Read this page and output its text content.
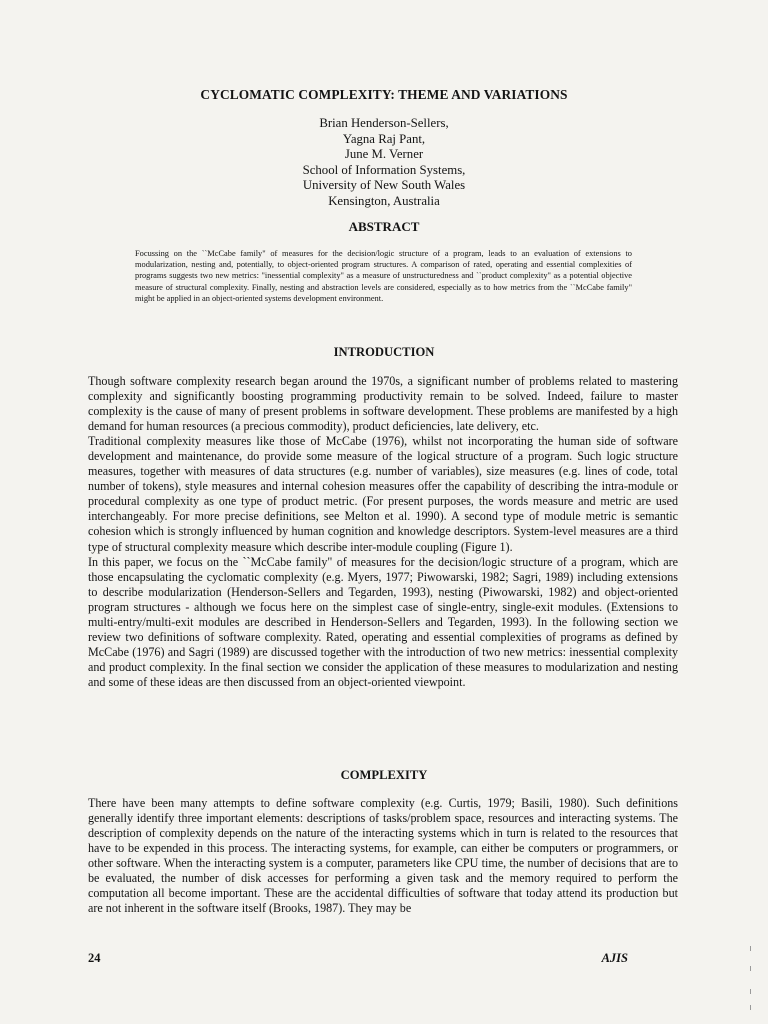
CYCLOMATIC COMPLEXITY: THEME AND VARIATIONS
Brian Henderson-Sellers,
Yagna Raj Pant,
June M. Verner
School of Information Systems,
University of New South Wales
Kensington, Australia
ABSTRACT
Focussing on the ``McCabe family" of measures for the decision/logic structure of a program, leads to an evaluation of extensions to modularization, nesting and, potentially, to object-oriented program structures. A comparison of rated, operating and essential complexities of programs suggests two new metrics: "inessential complexity" as a measure of unstructuredness and ``product complexity" as a potential objective measure of structural complexity. Finally, nesting and abstraction levels are considered, especially as to how metrics from the ``McCabe family" might be applied in an object-oriented systems development environment.
INTRODUCTION

Though software complexity research began around the 1970s, a significant number of problems related to mastering complexity and significantly boosting programming productivity remain to be solved. Indeed, failure to master complexity is the cause of many of present problems in software development. These problems are manifested by a high demand for human resources (a precious commodity), product deficiencies, late delivery, etc.

Traditional complexity measures like those of McCabe (1976), whilst not incorporating the human side of software development and maintenance, do provide some measure of the logical structure of a program. Such logic structure measures, together with measures of data structures (e.g. number of variables), size measures (e.g. lines of code, total number of tokens), style measures and internal cohesion measures offer the capability of describing the intra-module or procedural complexity as one type of product metric. (For present purposes, the words measure and metric are used interchangeably. For more precise definitions, see Melton et al. 1990). A second type of module metric is semantic cohesion which is strongly influenced by human cognition and knowledge descriptors. System-level measures are a third type of structural complexity measure which describe inter-module coupling (Figure 1).

In this paper, we focus on the ``McCabe family" of measures for the decision/logic structure of a program, which are those encapsulating the cyclomatic complexity (e.g. Myers, 1977; Piwowarski, 1982; Sagri, 1989) including extensions to describe modularization (Henderson-Sellers and Tegarden, 1993), nesting (Piwowarski, 1982) and object-oriented program structures - although we focus here on the simplest case of single-entry, single-exit modules. (Extensions to multi-entry/multi-exit modules are described in Henderson-Sellers and Tegarden, 1993). In the following section we review two definitions of software complexity. Rated, operating and essential complexities of programs as defined by McCabe (1976) and Sagri (1989) are discussed together with the introduction of two new metrics: inessential complexity and product complexity. In the final section we consider the application of these measures to modularization and nesting and some of these ideas are then discussed from an object-oriented viewpoint.

COMPLEXITY

There have been many attempts to define software complexity (e.g. Curtis, 1979; Basili, 1980). Such definitions generally identify three important elements: descriptions of tasks/problem space, resources and interacting systems. The description of complexity depends on the nature of the interacting systems which in turn is related to the resources that have to be expended in this process. The interacting systems, for example, can either be computers or programmers, or other software. When the interacting system is a computer, parameters like CPU time, the number of decisions that are to be evaluated, the number of disk accesses for performing a given task and the memory required to perform the computation all become important. These are the accidental difficulties of software that today attend its production but are not inherent in the software itself (Brooks, 1987). They may be

24	AJIS
